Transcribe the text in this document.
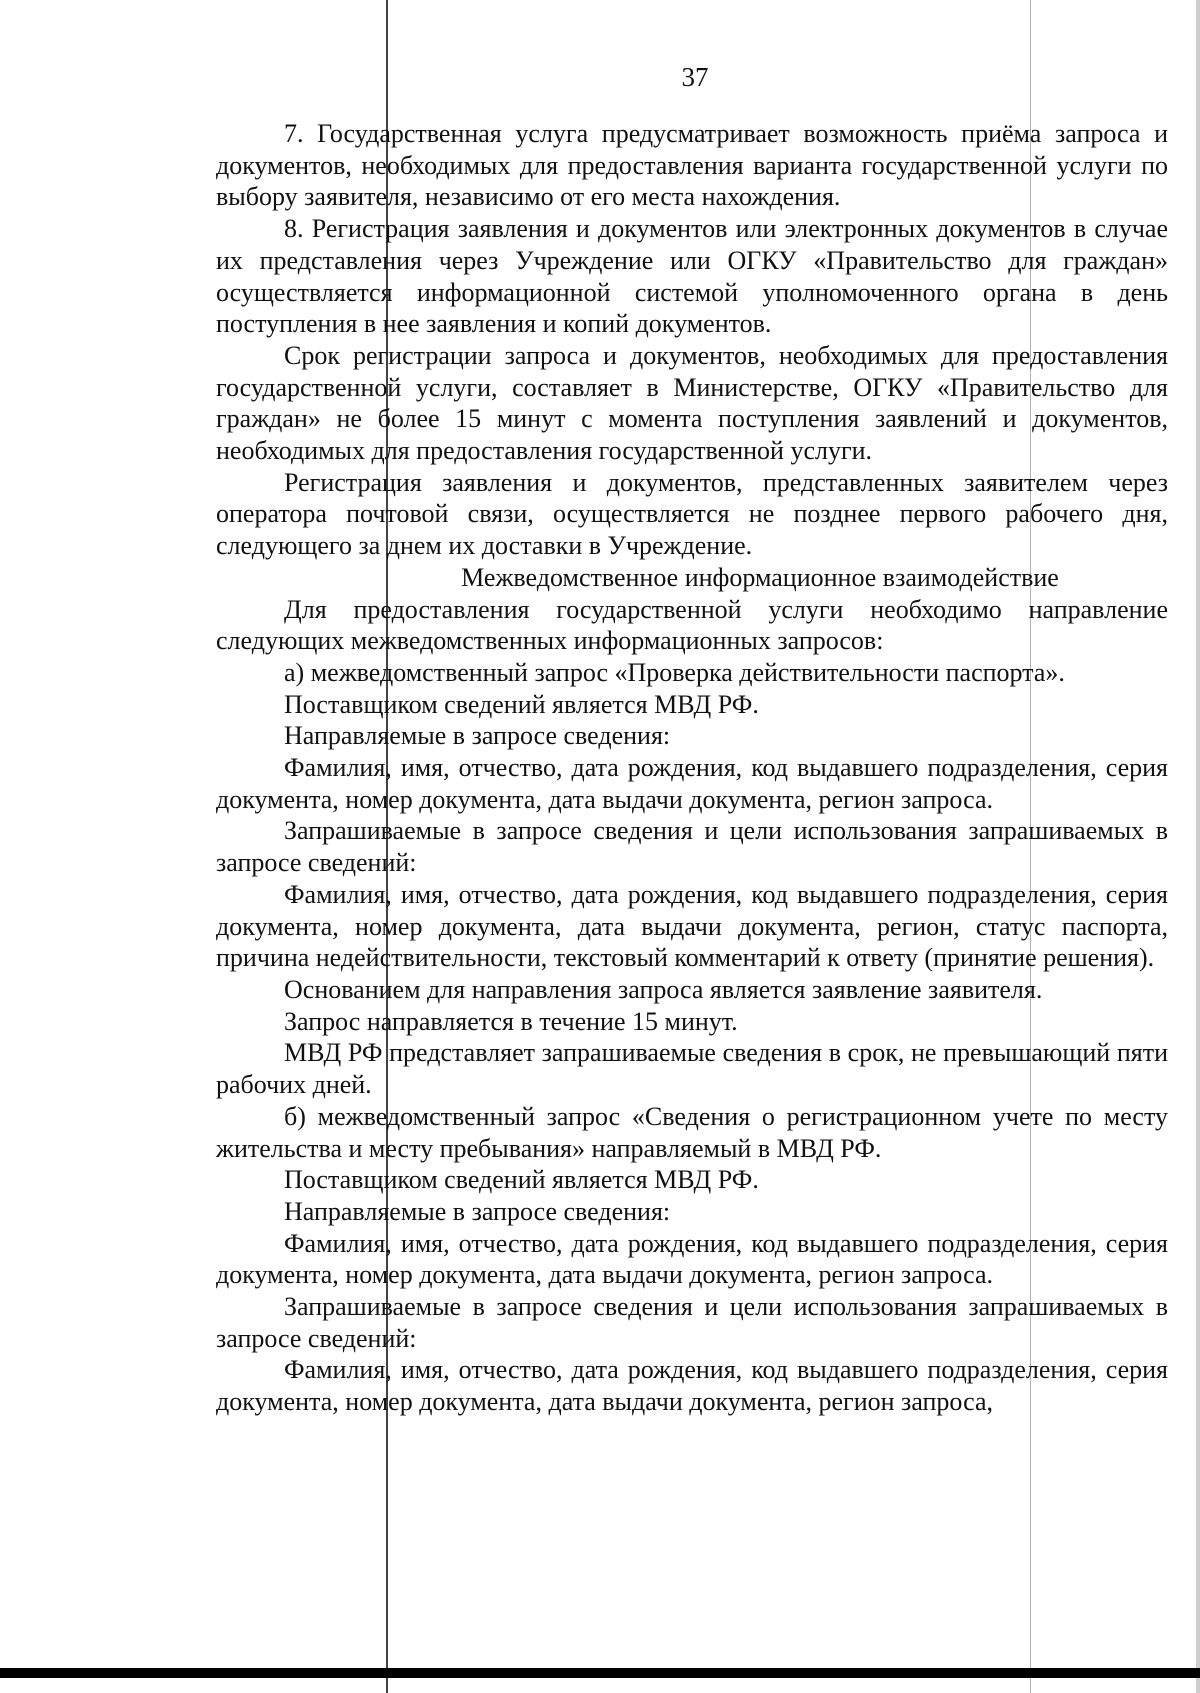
37

7. Государственная услуга предусматривает возможность приёма запроса и документов, необходимых для предоставления варианта государственной услуги по выбору заявителя, независимо от его места нахождения.

8. Регистрация заявления и документов или электронных документов в случае их представления через Учреждение или ОГКУ «Правительство для граждан» осуществляется информационной системой уполномоченного органа в день поступления в нее заявления и копий документов.

Срок регистрации запроса и документов, необходимых для предоставления государственной услуги, составляет в Министерстве, ОГКУ «Правительство для граждан» не более 15 минут с момента поступления заявлений и документов, необходимых для предоставления государственной услуги.

Регистрация заявления и документов, представленных заявителем через оператора почтовой связи, осуществляется не позднее первого рабочего дня, следующего за днем их доставки в Учреждение.

Межведомственное информационное взаимодействие

Для предоставления государственной услуги необходимо направление следующих межведомственных информационных запросов:

а) межведомственный запрос «Проверка действительности паспорта».

Поставщиком сведений является МВД РФ.

Направляемые в запросе сведения:

Фамилия, имя, отчество, дата рождения, код выдавшего подразделения, серия документа, номер документа, дата выдачи документа, регион запроса.

Запрашиваемые в запросе сведения и цели использования запрашиваемых в запросе сведений:

Фамилия, имя, отчество, дата рождения, код выдавшего подразделения, серия документа, номер документа, дата выдачи документа, регион, статус паспорта, причина недействительности, текстовый комментарий к ответу (принятие решения).

Основанием для направления запроса является заявление заявителя.

Запрос направляется в течение 15 минут.

МВД РФ представляет запрашиваемые сведения в срок, не превышающий пяти рабочих дней.

б) межведомственный запрос «Сведения о регистрационном учете по месту жительства и месту пребывания» направляемый в МВД РФ.

Поставщиком сведений является МВД РФ.

Направляемые в запросе сведения:

Фамилия, имя, отчество, дата рождения, код выдавшего подразделения, серия документа, номер документа, дата выдачи документа, регион запроса.

Запрашиваемые в запросе сведения и цели использования запрашиваемых в запросе сведений:

Фамилия, имя, отчество, дата рождения, код выдавшего подразделения, серия документа, номер документа, дата выдачи документа, регион запроса,
